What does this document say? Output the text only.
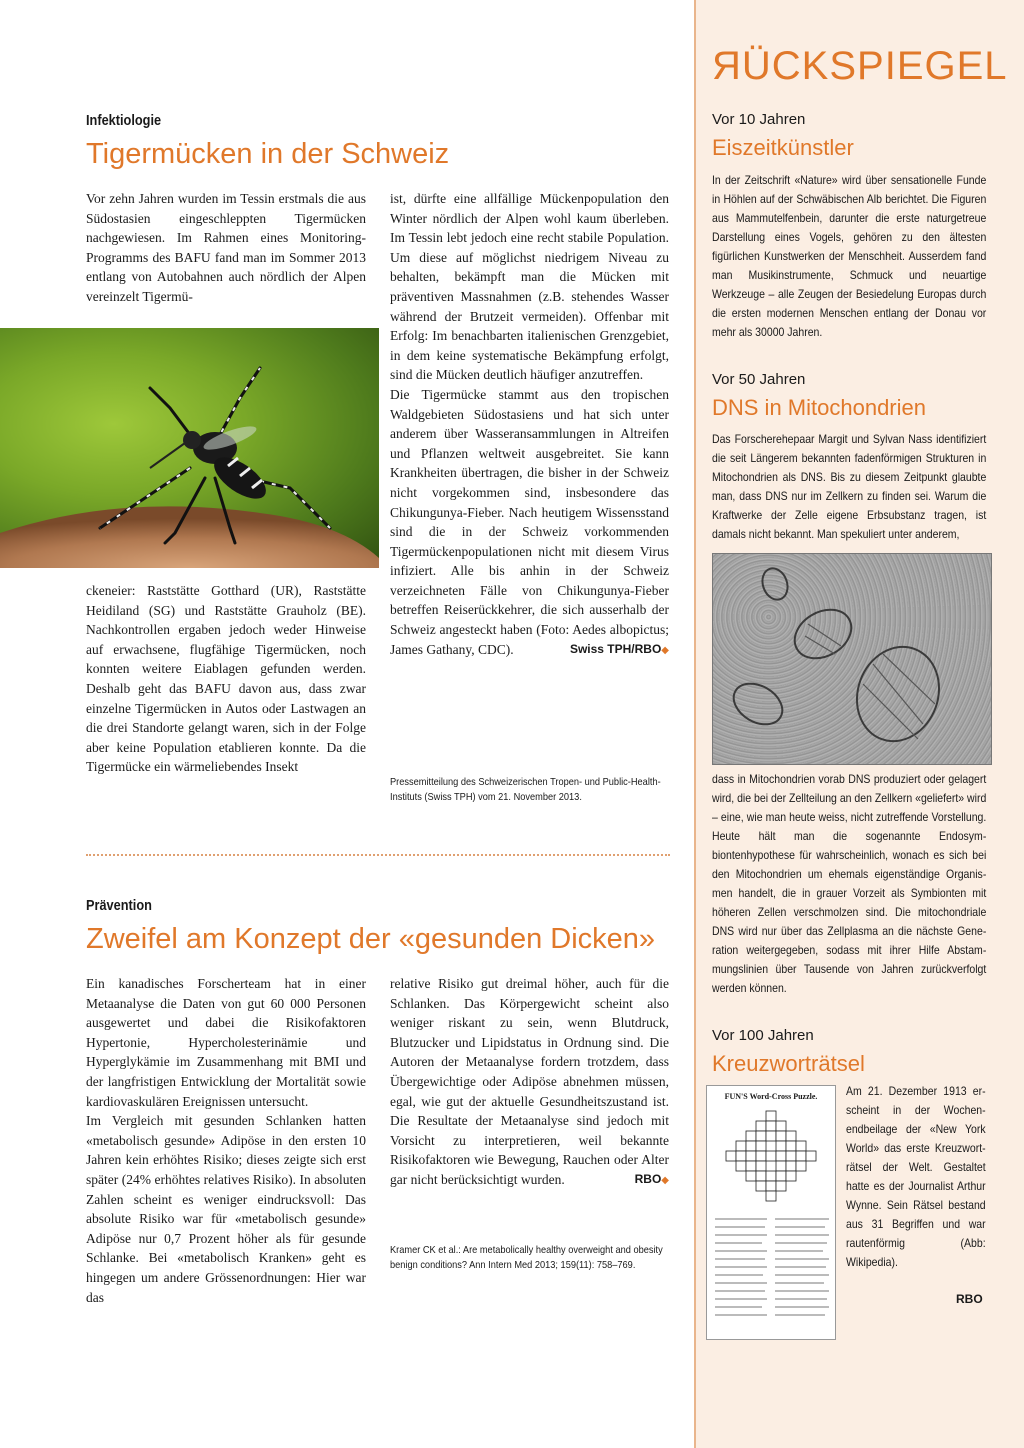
Infektiologie
Tigermücken in der Schweiz

Vor zehn Jahren wurden im Tessin erstmals die aus Südostasien eingeschleppten Tigermücken nachgewiesen. Im Rahmen eines Monitoring-Programms des BAFU fand man im Sommer 2013 entlang von Autobahnen auch nördlich der Alpen vereinzelt Tigermü-

ckeneier: Raststätte Gotthard (UR), Raststätte Heidiland (SG) und Raststätte Grauholz (BE). Nachkontrollen ergaben jedoch weder Hinweise auf erwachsene, flugfähige Tigermücken, noch konnten weitere Eiablagen gefunden werden. Deshalb geht das BAFU davon aus, dass zwar einzelne Tigermücken in Autos oder Lastwagen an die drei Standorte gelangt waren, sich in der Folge aber keine Population etablieren konnte. Da die Tigermücke ein wärmeliebendes Insekt

ist, dürfte eine allfällige Mückenpopulation den Winter nördlich der Alpen wohl kaum überleben. Im Tessin lebt jedoch eine recht stabile Population. Um diese auf möglichst niedrigem Niveau zu behalten, bekämpft man die Mücken mit präventiven Massnahmen (z.B. stehendes Wasser während der Brutzeit vermeiden). Offenbar mit Erfolg: Im benachbarten italienischen Grenzgebiet, in dem keine systematische Bekämpfung erfolgt, sind die Mücken deutlich häufiger anzutreffen.

Die Tigermücke stammt aus den tropischen Waldgebieten Südostasiens und hat sich unter anderem über Wasseransammlungen in Altreifen und Pflanzen weltweit ausgebreitet. Sie kann Krankheiten übertragen, die bisher in der Schweiz nicht vorgekommen sind, insbesondere das Chikungunya-Fieber. Nach heutigem Wissensstand sind die in der Schweiz vorkommenden Tigermückenpopulationen nicht mit diesem Virus infiziert. Alle bis anhin in der Schweiz verzeichneten Fälle von Chikungunya-Fieber betreffen Reiserückkehrer, die sich ausserhalb der Schweiz angesteckt haben (Foto: Aedes albopictus; James Gathany, CDC).	Swiss TPH/RBO◆

Pressemitteilung des Schweizerischen Tropen- und Public-Health-Instituts (Swiss TPH) vom 21. November 2013.
Prävention
Zweifel am Konzept der «gesunden Dicken»

Ein kanadisches Forscherteam hat in einer Metaanalyse die Daten von gut 60 000 Personen ausgewertet und dabei die Risikofaktoren Hypertonie, Hypercholesterinämie und Hyperglykämie im Zusammenhang mit BMI und der langfristigen Entwicklung der Mortalität sowie kardiovaskulären Ereignissen untersucht.

Im Vergleich mit gesunden Schlanken hatten «metabolisch gesunde» Adipöse in den ersten 10 Jahren kein erhöhtes Risiko; dieses zeigte sich erst später (24% erhöhtes relatives Risiko). In absoluten Zahlen scheint es weniger eindrucksvoll: Das absolute Risiko war für «metabolisch gesunde» Adipöse nur 0,7 Prozent höher als für gesunde Schlanke. Bei «metabolisch Kranken» geht es hingegen um andere Grössenordnungen: Hier war das

relative Risiko gut dreimal höher, auch für die Schlanken. Das Körpergewicht scheint also weniger riskant zu sein, wenn Blutdruck, Blutzucker und Lipidstatus in Ordnung sind. Die Autoren der Metaanalyse fordern trotzdem, dass Übergewichtige oder Adipöse abnehmen müssen, egal, wie gut der aktuelle Gesundheitszustand ist. Die Resultate der Metaanalyse sind jedoch mit Vorsicht zu interpretieren, weil bekannte Risikofaktoren wie Bewegung, Rauchen oder Alter gar nicht berücksichtigt wurden.	RBO◆

Kramer CK et al.: Are metabolically healthy overweight and obesity benign conditions? Ann Intern Med 2013; 159(11): 758–769.
ЯÜCKSPIEGEL
Vor 10 Jahren
Eiszeitkünstler
In der Zeitschrift «Nature» wird über sensationelle Funde in Höhlen auf der Schwäbischen Alb berichtet. Die Figuren aus Mammutelfenbein, darunter die erste naturgetreue Darstellung eines Vogels, gehören zu den ältesten figürlichen Kunstwerken der Menschheit. Ausserdem fand man Musikinstrumente, Schmuck und neuartige Werkzeuge – alle Zeugen der Besiedelung Europas durch die ersten modernen Menschen entlang der Donau vor mehr als 30000 Jahren.
Vor 50 Jahren
DNS in Mitochondrien
Das Forscherehepaar Margit und Sylvan Nass identifiziert die seit Längerem bekannten fadenförmigen Strukturen in Mitochondrien als DNS. Bis zu diesem Zeitpunkt glaubte man, dass DNS nur im Zellkern zu finden sei. Warum die Kraftwerke der Zelle eigene Erbsubstanz tragen, ist damals nicht bekannt. Man spekuliert unter anderem,
dass in Mitochondrien vorab DNS produziert oder gelagert wird, die bei der Zellteilung an den Zellkern «geliefert» wird – eine, wie man heute weiss, nicht zutreffende Vorstellung. Heute hält man die sogenannte Endosymbiontenhypothese für wahrscheinlich, wonach es sich bei den Mitochondrien um ehemals eigenständige Organismen handelt, die in grauer Vorzeit als Symbionten mit höheren Zellen verschmolzen sind. Die mitochondriale DNS wird nur über das Zellplasma an die nächste Generation weitergegeben, sodass mit ihrer Hilfe Abstammungslinien über Tausende von Jahren zurückverfolgt werden können.
Vor 100 Jahren
Kreuzworträtsel
FUN'S Word-Cross Puzzle.	Am 21. Dezember 1913 erscheint in der Wochenendbeilage der «New York World» das erste Kreuzworträtsel der Welt. Gestaltet hatte es der Journalist Arthur Wynne. Sein Rätsel bestand aus 31 Begriffen und war rautenförmig (Abb: Wikipedia).
RBO
